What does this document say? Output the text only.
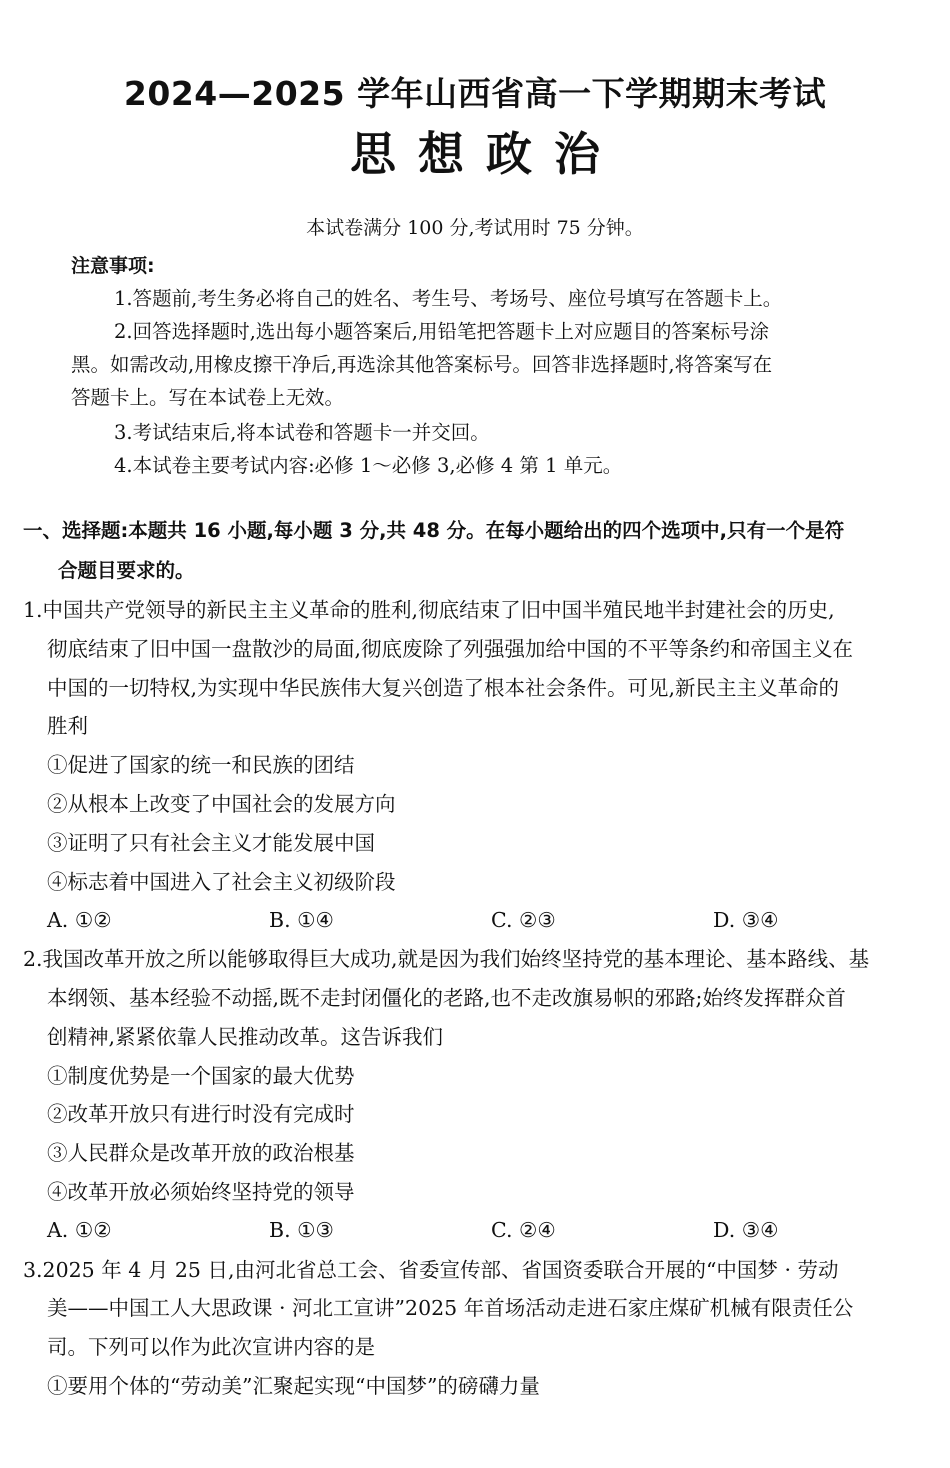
2024—2025 学年山西省高一下学期期末考试
思想政治
本试卷满分 100 分,考试用时 75 分钟。
注意事项:
1.答题前,考生务必将自己的姓名、考生号、考场号、座位号填写在答题卡上。
2.回答选择题时,选出每小题答案后,用铅笔把答题卡上对应题目的答案标号涂
黑。如需改动,用橡皮擦干净后,再选涂其他答案标号。回答非选择题时,将答案写在
答题卡上。写在本试卷上无效。
3.考试结束后,将本试卷和答题卡一并交回。
4.本试卷主要考试内容:必修 1～必修 3,必修 4 第 1 单元。
一、选择题:本题共 16 小题,每小题 3 分,共 48 分。在每小题给出的四个选项中,只有一个是符
合题目要求的。
1.中国共产党领导的新民主主义革命的胜利,彻底结束了旧中国半殖民地半封建社会的历史,
彻底结束了旧中国一盘散沙的局面,彻底废除了列强强加给中国的不平等条约和帝国主义在
中国的一切特权,为实现中华民族伟大复兴创造了根本社会条件。可见,新民主主义革命的
胜利
①促进了国家的统一和民族的团结
②从根本上改变了中国社会的发展方向
③证明了只有社会主义才能发展中国
④标志着中国进入了社会主义初级阶段
A. ①②	B. ①④	C. ②③	D. ③④
2.我国改革开放之所以能够取得巨大成功,就是因为我们始终坚持党的基本理论、基本路线、基
本纲领、基本经验不动摇,既不走封闭僵化的老路,也不走改旗易帜的邪路;始终发挥群众首
创精神,紧紧依靠人民推动改革。这告诉我们
①制度优势是一个国家的最大优势
②改革开放只有进行时没有完成时
③人民群众是改革开放的政治根基
④改革开放必须始终坚持党的领导
A. ①②	B. ①③	C. ②④	D. ③④
3.2025 年 4 月 25 日,由河北省总工会、省委宣传部、省国资委联合开展的“中国梦 · 劳动
美——中国工人大思政课 · 河北工宣讲”2025 年首场活动走进石家庄煤矿机械有限责任公
司。下列可以作为此次宣讲内容的是
①要用个体的“劳动美”汇聚起实现“中国梦”的磅礴力量
